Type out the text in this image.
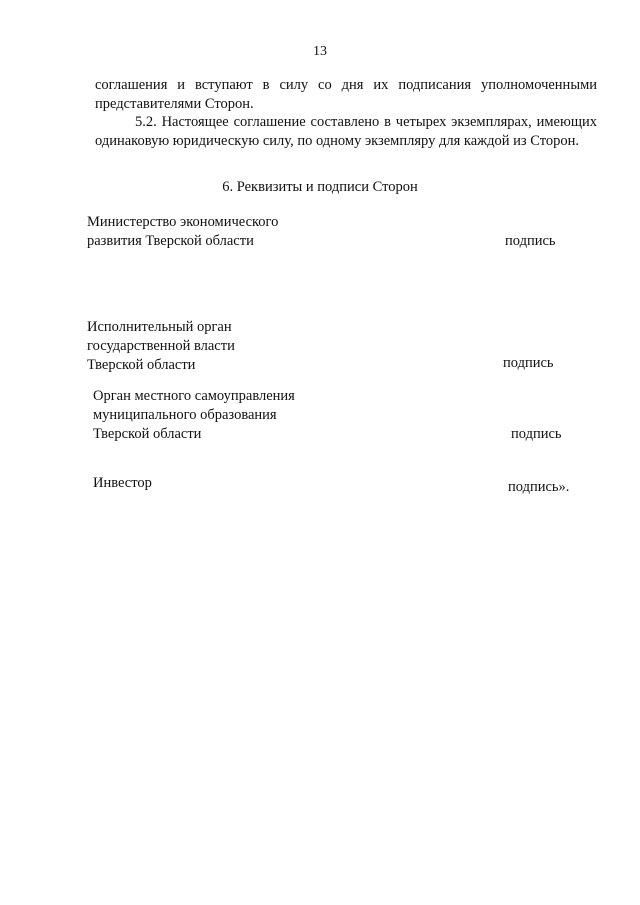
13
соглашения и вступают в силу со дня их подписания уполномоченными представителями Сторон.
5.2. Настоящее соглашение составлено в четырех экземплярах, имеющих одинаковую юридическую силу, по одному экземпляру для каждой из Сторон.
6. Реквизиты и подписи Сторон
Министерство экономического
развития Тверской области	подпись
Исполнительный орган
государственной власти
Тверской области	подпись
Орган местного самоуправления
муниципального образования
Тверской области	подпись
Инвестор	подпись».
